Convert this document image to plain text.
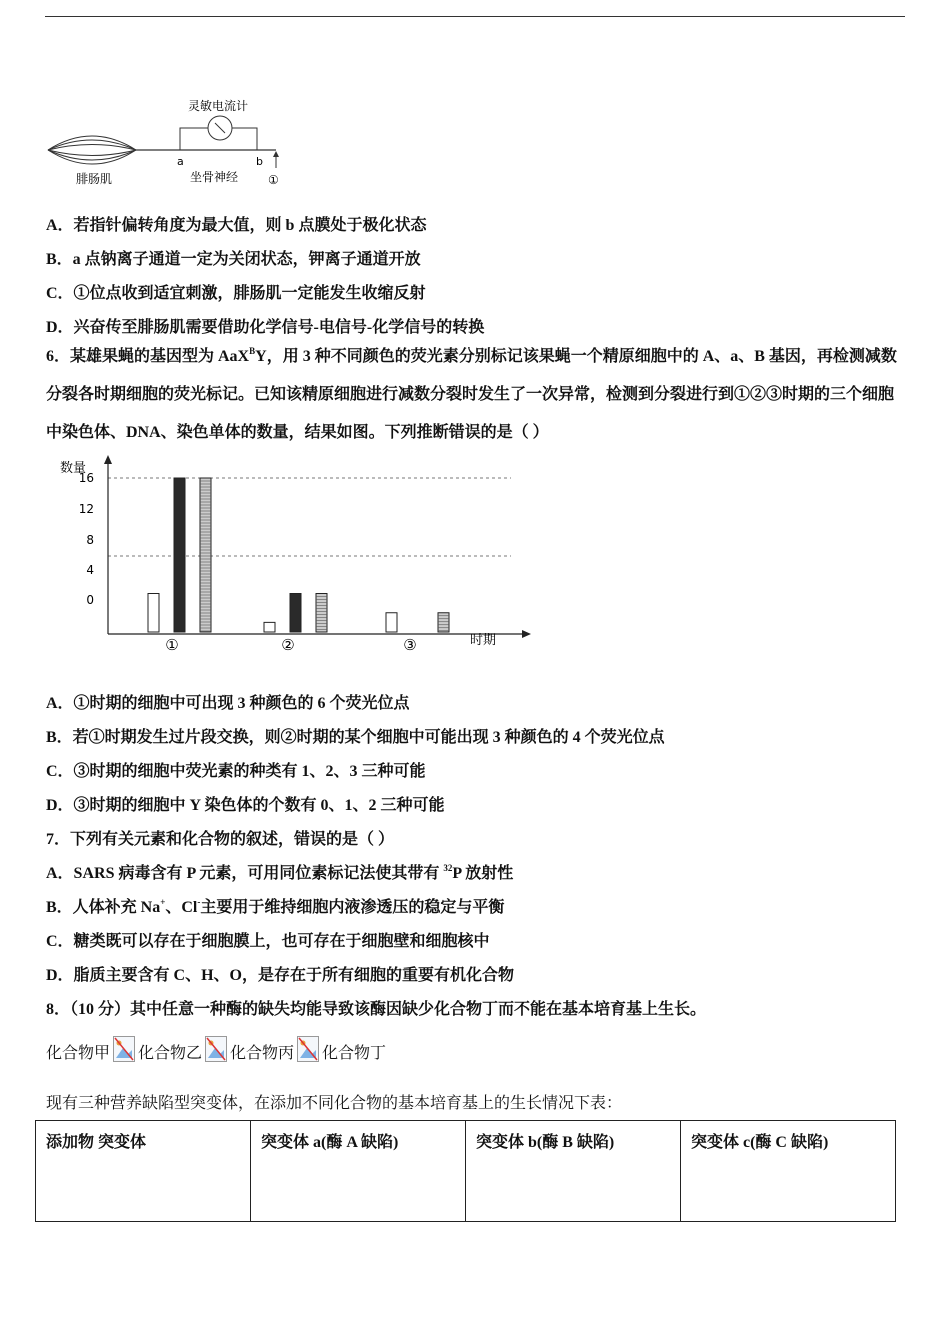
灵敏电流计
a	b
腓肠肌	坐骨神经 ①
A．若指针偏转角度为最大值，则 b 点膜处于极化状态
B．a 点钠离子通道一定为关闭状态，钾离子通道开放
C．①位点收到适宜刺激，腓肠肌一定能发生收缩反射
D．兴奋传至腓肠肌需要借助化学信号-电信号-化学信号的转换
6．某雄果蝇的基因型为 AaX$^B$Y，用 3 种不同颜色的荧光素分别标记该果蝇一个精原细胞中的 A、a、B 基因，再检测减数分裂各时期细胞的荧光标记。已知该精原细胞进行减数分裂时发生了一次异常，检测到分裂进行到①②③时期的三个细胞中染色体、DNA、染色单体的数量，结果如图。下列推断错误的是（ ）
16
12
8
4
0
①	②	③
数量
时期
A．①时期的细胞中可出现 3 种颜色的 6 个荧光位点
B．若①时期发生过片段交换，则②时期的某个细胞中可能出现 3 种颜色的 4 个荧光位点
C．③时期的细胞中荧光素的种类有 1、2、3 三种可能
D．③时期的细胞中 Y 染色体的个数有 0、1、2 三种可能
7．下列有关元素和化合物的叙述，错误的是（ ）
A．SARS 病毒含有 P 元素，可用同位素标记法使其带有 $^{32}$P 放射性
B．人体补充 Na+、Cl-主要用于维持细胞内液渗透压的稳定与平衡
C．糖类既可以存在于细胞膜上，也可存在于细胞壁和细胞核中
D．脂质主要含有 C、H、O，是存在于所有细胞的重要有机化合物
8．（10 分）其中任意一种酶的缺失均能导致该酶因缺少化合物丁而不能在基本培育基上生长。
化合物甲 化合物乙 化合物丙 化合物丁
现有三种营养缺陷型突变体，在添加不同化合物的基本培育基上的生长情况下表：
添加物 突变体	突变体 a(酶 A 缺陷)	突变体 b(酶 B 缺陷)	突变体 c(酶 C 缺陷)
